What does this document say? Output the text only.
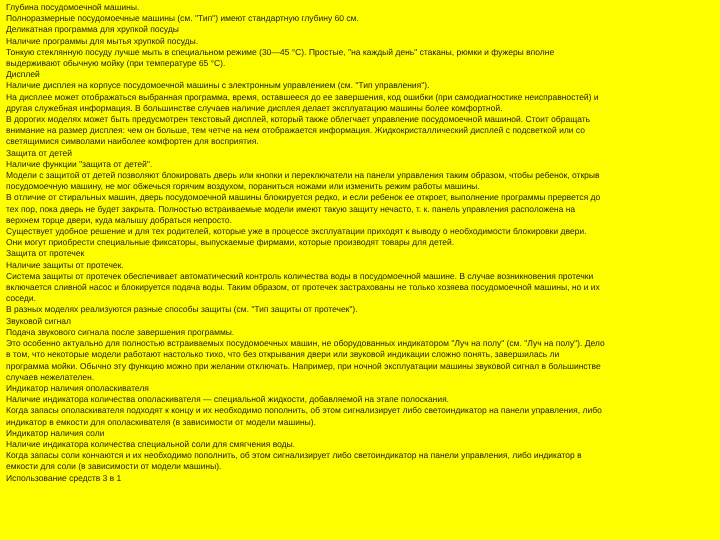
Глубина посудомоечной машины.
Полноразмерные посудомоечные машины (см. "Тип") имеют стандартную глубину 60 см.
Деликатная программа для хрупкой посуды
Наличие программы для мытья хрупкой посуды.
Тонкую стеклянную посуду лучше мыть в специальном режиме (30—45 °С). Простые, "на каждый день" стаканы, рюмки и фужеры вполне
выдерживают обычную мойку (при температуре 65 °С).
Дисплей
Наличие дисплея на корпусе посудомоечной машины с электронным управлением (см. "Тип управления").
На дисплее может отображаться выбранная программа, время, оставшееся до ее завершения, код ошибки (при самодиагностике неисправностей) и
другая служебная информация. В большинстве случаев наличие дисплея делает эксплуатацию машины более комфортной.
В дорогих моделях может быть предусмотрен текстовый дисплей, который также облегчает управление посудомоечной машиной. Стоит обращать
внимание на размер дисплея: чем он больше, тем четче на нем отображается информация. Жидкокристаллический дисплей с подсветкой или со
светящимися символами наиболее комфортен для восприятия.
Защита от детей
Наличие функции "защита от детей".
Модели с защитой от детей позволяют блокировать дверь или кнопки и переключатели на панели управления таким образом, чтобы ребенок, открыв
посудомоечную машину, не мог обжечься горячим воздухом, пораниться ножами или изменить режим работы машины.
В отличие от стиральных машин, дверь посудомоечной машины блокируется редко, и если ребенок ее откроет, выполнение программы прервется до
тех пор, пока дверь не будет закрыта. Полностью встраиваемые модели имеют такую защиту нечасто, т. к. панель управления расположена на
верхнем торце двери, куда малышу добраться непросто.
Существует удобное решение и для тех родителей, которые уже в процессе эксплуатации приходят к выводу о необходимости блокировки двери.
Они могут приобрести специальные фиксаторы, выпускаемые фирмами, которые производят товары для детей.
Защита от протечек
Наличие защиты от протечек.
Система защиты от протечек обеспечивает автоматический контроль количества воды в посудомоечной машине. В случае возникновения протечки
включается сливной насос и блокируется подача воды. Таким образом, от протечек застрахованы не только хозяева посудомоечной машины, но и их
соседи.
В разных моделях реализуются разные способы защиты (см. "Тип защиты от протечек").
Звуковой сигнал
Подача звукового сигнала после завершения программы.
Это особенно актуально для полностью встраиваемых посудомоечных машин, не оборудованных индикатором "Луч на полу" (см. "Луч на полу"). Дело
в том, что некоторые модели работают настолько тихо, что без открывания двери или звуковой индикации сложно понять, завершилась ли
программа мойки. Обычно эту функцию можно при желании отключать. Например, при ночной эксплуатации машины звуковой сигнал в большинстве
случаев нежелателен.
Индикатор наличия ополаскивателя
Наличие индикатора количества ополаскивателя — специальной жидкости, добавляемой на этапе полоскания.
Когда запасы ополаскивателя подходят к концу и их необходимо пополнить, об этом сигнализирует либо светоиндикатор на панели управления, либо
индикатор в емкости для ополаскивателя (в зависимости от модели машины).
Индикатор наличия соли
Наличие индикатора количества специальной соли для смягчения воды.
Когда запасы соли кончаются и их необходимо пополнить, об этом сигнализирует либо светоиндикатор на панели управления, либо индикатор в
емкости для соли (в зависимости от модели машины).
Использование средств 3 в 1
